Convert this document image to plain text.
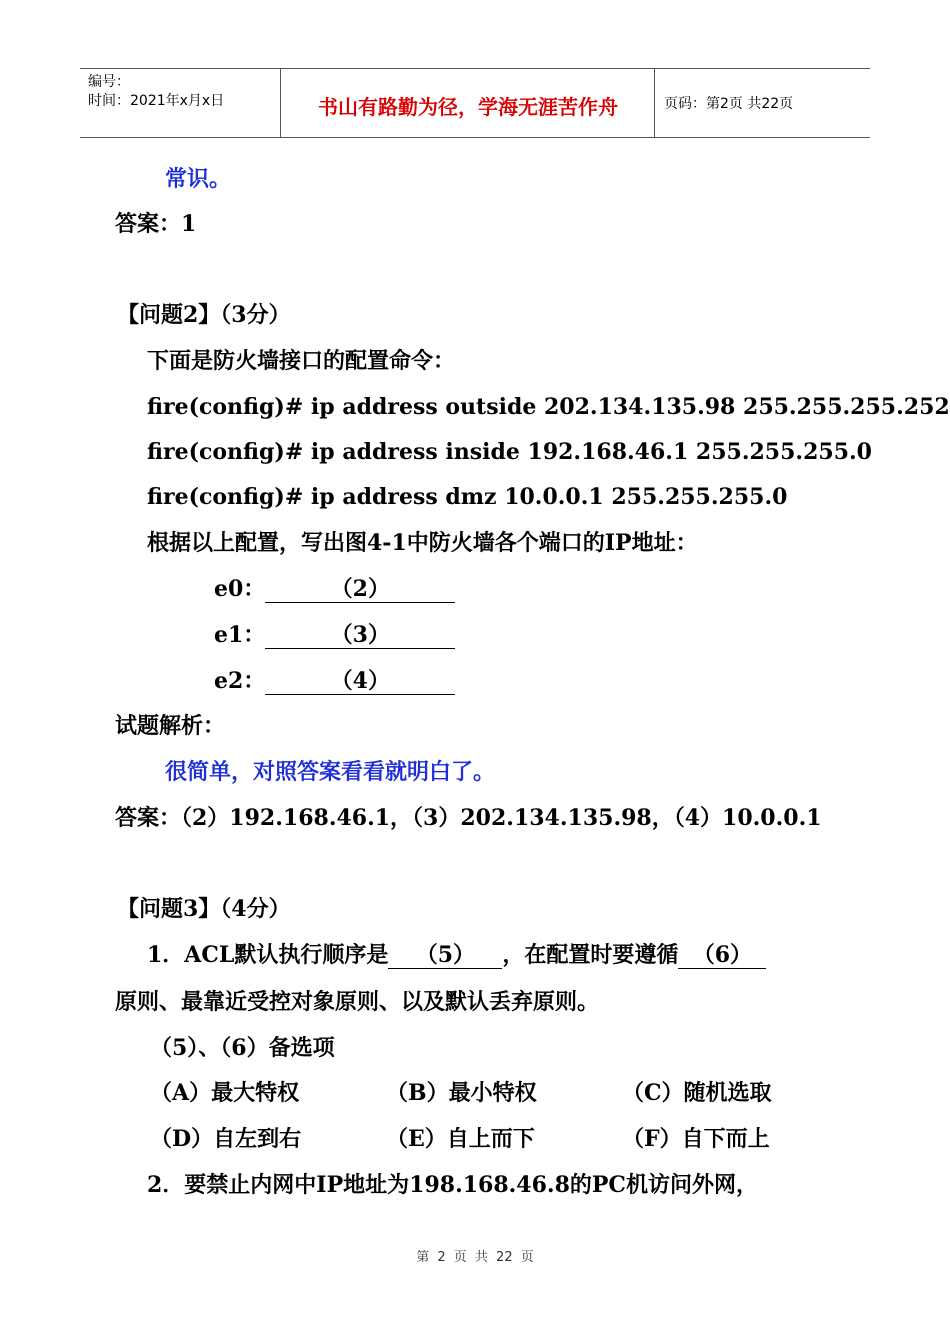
编号：
时间：2021年x月x日	书山有路勤为径，学海无涯苦作舟	页码：第2页 共22页
常识。
答案：1
【问题2】（3分）
下面是防火墙接口的配置命令：
fire(config)# ip address outside 202.134.135.98 255.255.255.252
fire(config)# ip address inside 192.168.46.1 255.255.255.0
fire(config)# ip address dmz 10.0.0.1 255.255.255.0
根据以上配置，写出图4-1中防火墙各个端口的IP地址：
e0：	（2）
e1：	（3）
e2：	（4）
试题解析：
很简单，对照答案看看就明白了。
答案：（2）192.168.46.1，（3）202.134.135.98，（4）10.0.0.1
【问题3】（4分）
1．ACL默认执行顺序是 （5） ，在配置时要遵循 （6）
原则、最靠近受控对象原则、以及默认丢弃原则。
（5）、（6）备选项
（A）最大特权	（B）最小特权	（C）随机选取
（D）自左到右	（E）自上而下	（F）自下而上
2．要禁止内网中IP地址为198.168.46.8的PC机访问外网，
第 2 页 共 22 页
